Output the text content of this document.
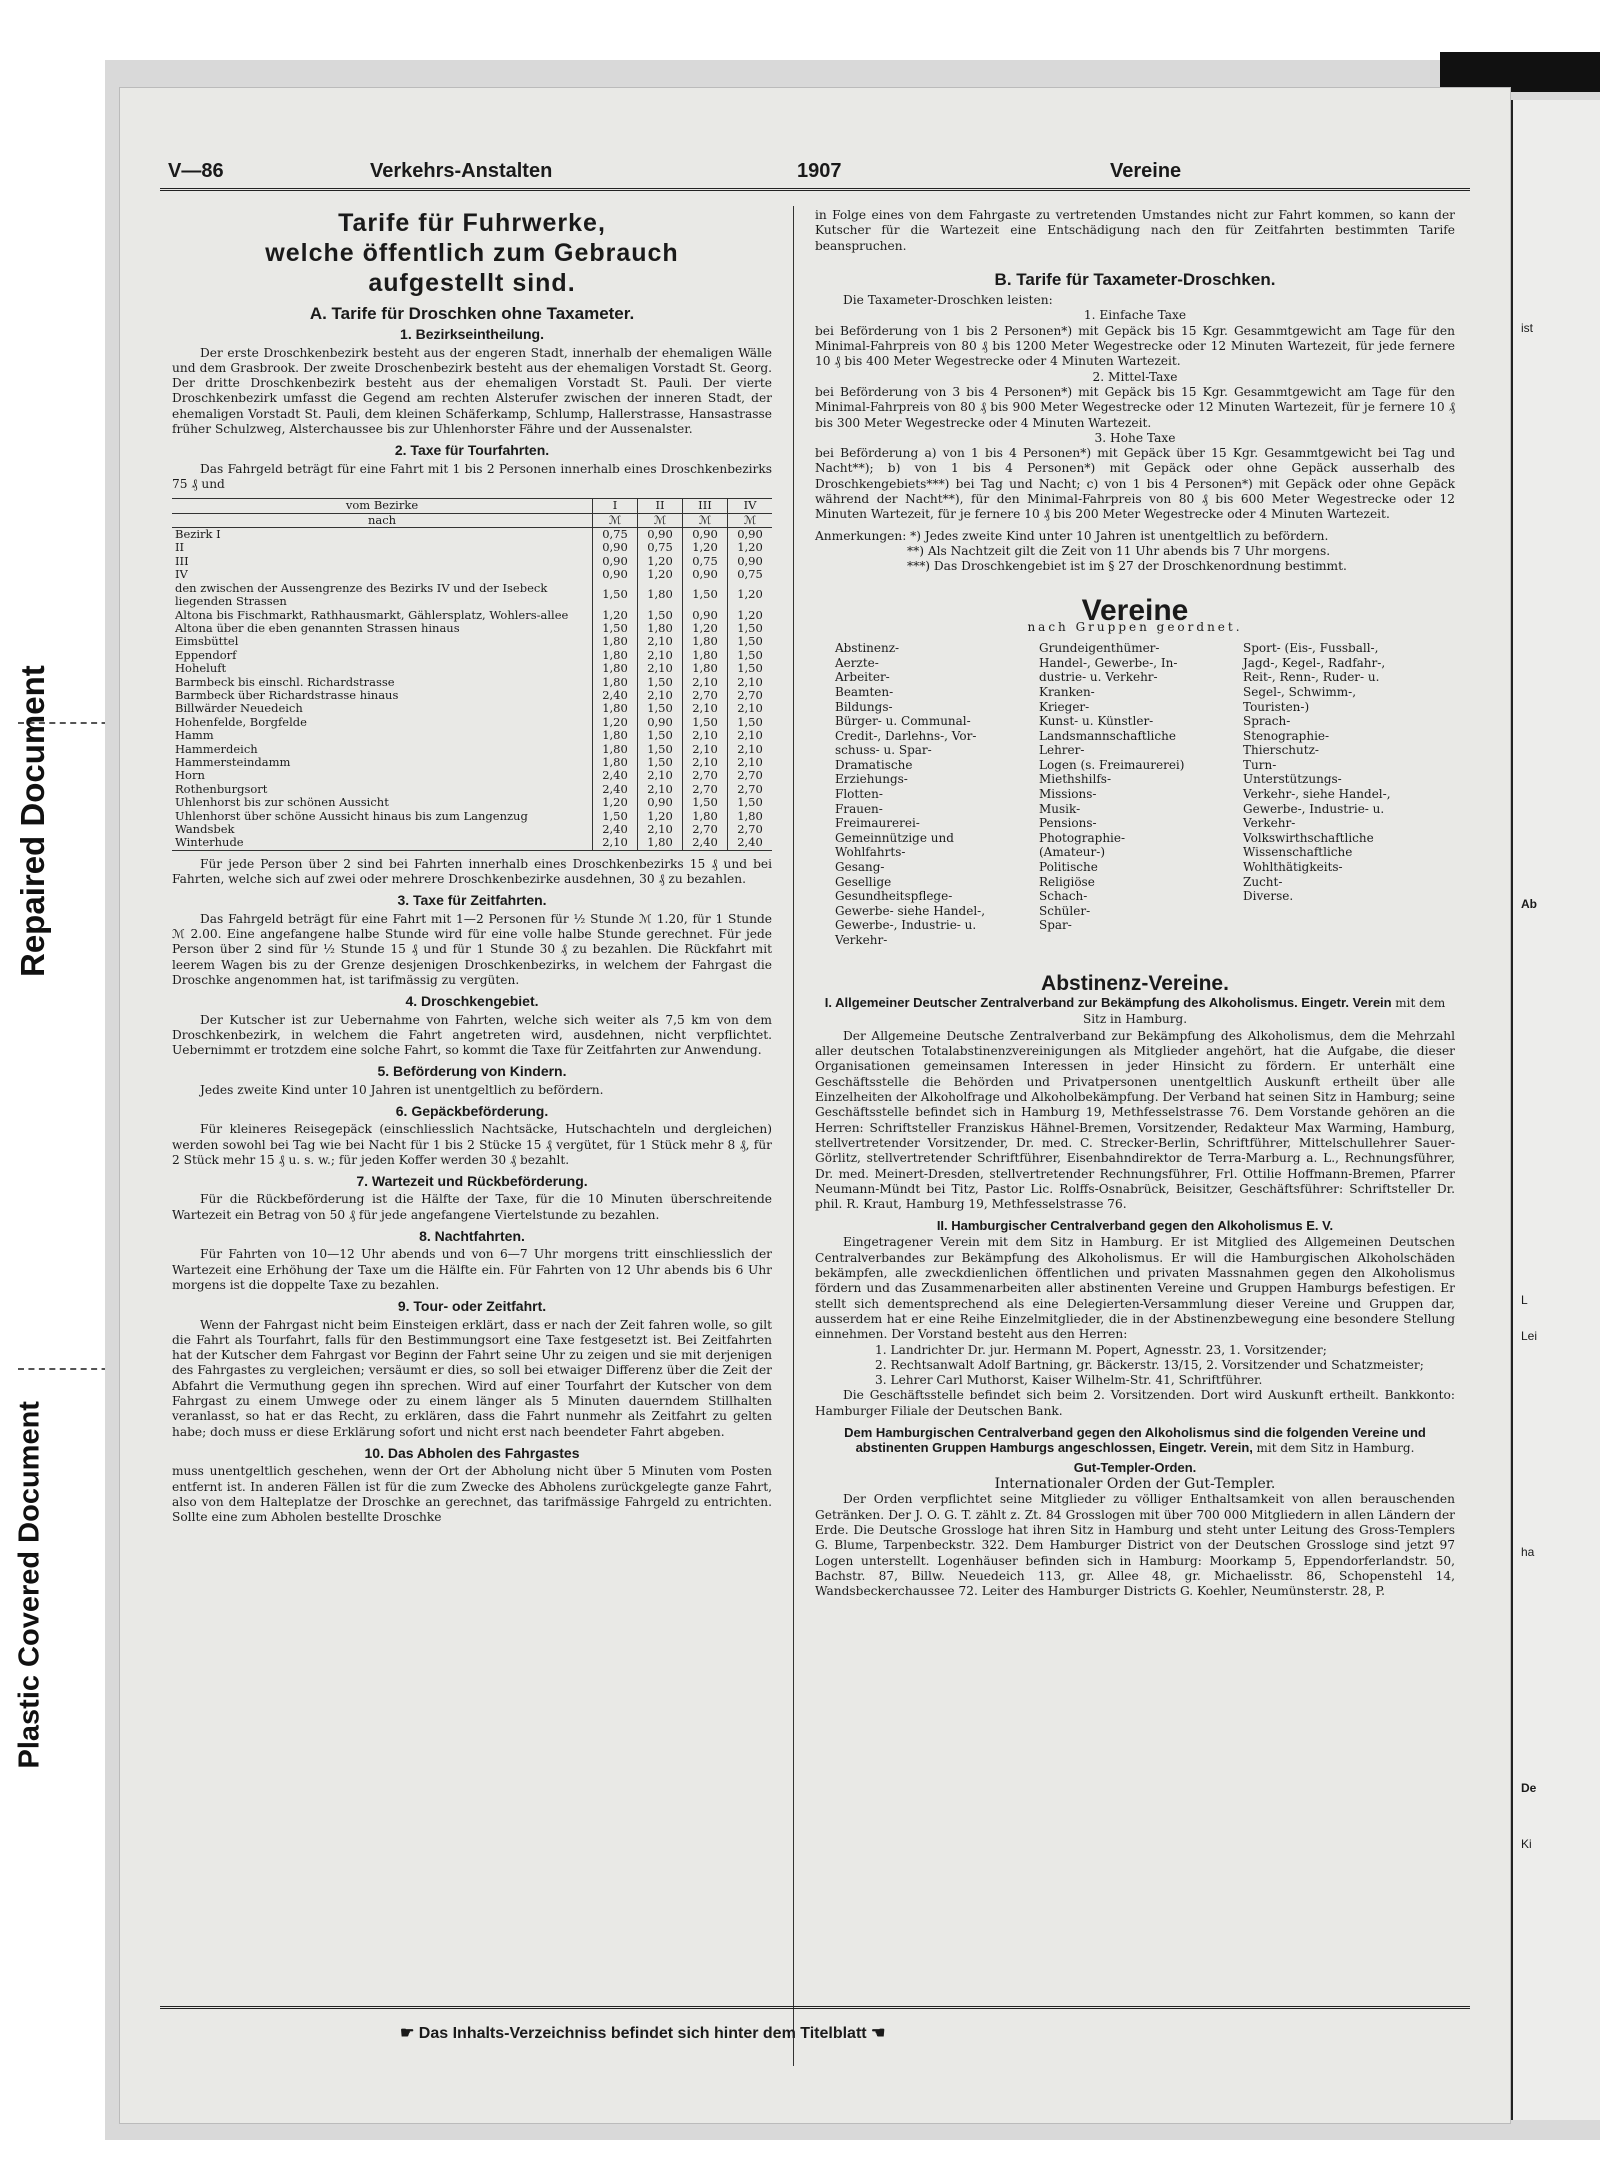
Repaired Document
Plastic Covered Document
ist
Ab
L
Lei
ha
De
Ki
V—86	Verkehrs-Anstalten	1907	Vereine
Tarife für Fuhrwerke,
welche öffentlich zum Gebrauch
aufgestellt sind.
A. Tarife für Droschken ohne Taxameter.
1. Bezirkseintheilung.

Der erste Droschkenbezirk besteht aus der engeren Stadt, innerhalb der ehemaligen Wälle und dem Grasbrook. Der zweite Droschenbezirk besteht aus der ehemaligen Vorstadt St. Georg. Der dritte Droschkenbezirk besteht aus der ehemaligen Vorstadt St. Pauli. Der vierte Droschkenbezirk umfasst die Gegend am rechten Alsterufer zwischen der inneren Stadt, der ehemaligen Vorstadt St. Pauli, dem kleinen Schäferkamp, Schlump, Hallerstrasse, Hansastrasse früher Schulzweg, Alsterchaussee bis zur Uhlenhorster Fähre und der Aussenalster.

2. Taxe für Tourfahrten.

Das Fahrgeld beträgt für eine Fahrt mit 1 bis 2 Personen innerhalb eines Droschkenbezirks 75 ₰ und

vom Bezirke	I	II	III	IV
nach	ℳ	ℳ	ℳ	ℳ
Bezirk I	0,75	0,90	0,90	0,90
II	0,90	0,75	1,20	1,20
III	0,90	1,20	0,75	0,90
IV	0,90	1,20	0,90	0,75
den zwischen der Aussengrenze des Bezirks IV und der Isebeck liegenden Strassen	1,50	1,80	1,50	1,20
Altona bis Fischmarkt, Rathhausmarkt, Gählersplatz, Wohlers-allee	1,20	1,50	0,90	1,20
Altona über die eben genannten Strassen hinaus	1,50	1,80	1,20	1,50
Eimsbüttel	1,80	2,10	1,80	1,50
Eppendorf	1,80	2,10	1,80	1,50
Hoheluft	1,80	2,10	1,80	1,50
Barmbeck bis einschl. Richardstrasse	1,80	1,50	2,10	2,10
Barmbeck über Richardstrasse hinaus	2,40	2,10	2,70	2,70
Billwärder Neuedeich	1,80	1,50	2,10	2,10
Hohenfelde, Borgfelde	1,20	0,90	1,50	1,50
Hamm	1,80	1,50	2,10	2,10
Hammerdeich	1,80	1,50	2,10	2,10
Hammersteindamm	1,80	1,50	2,10	2,10
Horn	2,40	2,10	2,70	2,70
Rothenburgsort	2,40	2,10	2,70	2,70
Uhlenhorst bis zur schönen Aussicht	1,20	0,90	1,50	1,50
Uhlenhorst über schöne Aussicht hinaus bis zum Langenzug	1,50	1,20	1,80	1,80
Wandsbek	2,40	2,10	2,70	2,70
Winterhude	2,10	1,80	2,40	2,40

Für jede Person über 2 sind bei Fahrten innerhalb eines Droschkenbezirks 15 ₰ und bei Fahrten, welche sich auf zwei oder mehrere Droschkenbezirke ausdehnen, 30 ₰ zu bezahlen.

3. Taxe für Zeitfahrten.

Das Fahrgeld beträgt für eine Fahrt mit 1—2 Personen für ½ Stunde ℳ 1.20, für 1 Stunde ℳ 2.00. Eine angefangene halbe Stunde wird für eine volle halbe Stunde gerechnet. Für jede Person über 2 sind für ½ Stunde 15 ₰ und für 1 Stunde 30 ₰ zu bezahlen. Die Rückfahrt mit leerem Wagen bis zu der Grenze desjenigen Droschkenbezirks, in welchem der Fahrgast die Droschke angenommen hat, ist tarifmässig zu vergüten.

4. Droschkengebiet.

Der Kutscher ist zur Uebernahme von Fahrten, welche sich weiter als 7,5 km von dem Droschkenbezirk, in welchem die Fahrt angetreten wird, ausdehnen, nicht verpflichtet. Uebernimmt er trotzdem eine solche Fahrt, so kommt die Taxe für Zeitfahrten zur Anwendung.

5. Beförderung von Kindern.

Jedes zweite Kind unter 10 Jahren ist unentgeltlich zu befördern.

6. Gepäckbeförderung.

Für kleineres Reisegepäck (einschliesslich Nachtsäcke, Hutschachteln und dergleichen) werden sowohl bei Tag wie bei Nacht für 1 bis 2 Stücke 15 ₰ vergütet, für 1 Stück mehr 8 ₰, für 2 Stück mehr 15 ₰ u. s. w.; für jeden Koffer werden 30 ₰ bezahlt.

7. Wartezeit und Rückbeförderung.

Für die Rückbeförderung ist die Hälfte der Taxe, für die 10 Minuten überschreitende Wartezeit ein Betrag von 50 ₰ für jede angefangene Viertelstunde zu bezahlen.

8. Nachtfahrten.

Für Fahrten von 10—12 Uhr abends und von 6—7 Uhr morgens tritt einschliesslich der Wartezeit eine Erhöhung der Taxe um die Hälfte ein. Für Fahrten von 12 Uhr abends bis 6 Uhr morgens ist die doppelte Taxe zu bezahlen.

9. Tour- oder Zeitfahrt.

Wenn der Fahrgast nicht beim Einsteigen erklärt, dass er nach der Zeit fahren wolle, so gilt die Fahrt als Tourfahrt, falls für den Bestimmungsort eine Taxe festgesetzt ist. Bei Zeitfahrten hat der Kutscher dem Fahrgast vor Beginn der Fahrt seine Uhr zu zeigen und sie mit derjenigen des Fahrgastes zu vergleichen; versäumt er dies, so soll bei etwaiger Differenz über die Zeit der Abfahrt die Vermuthung gegen ihn sprechen. Wird auf einer Tourfahrt der Kutscher von dem Fahrgast zu einem Umwege oder zu einem länger als 5 Minuten dauerndem Stillhalten veranlasst, so hat er das Recht, zu erklären, dass die Fahrt nunmehr als Zeitfahrt zu gelten habe; doch muss er diese Erklärung sofort und nicht erst nach beendeter Fahrt abgeben.

10. Das Abholen des Fahrgastes

muss unentgeltlich geschehen, wenn der Ort der Abholung nicht über 5 Minuten vom Posten entfernt ist. In anderen Fällen ist für die zum Zwecke des Abholens zurückgelegte ganze Fahrt, also von dem Halteplatze der Droschke an gerechnet, das tarifmässige Fahrgeld zu entrichten. Sollte eine zum Abholen bestellte Droschke

in Folge eines von dem Fahrgaste zu vertretenden Umstandes nicht zur Fahrt kommen, so kann der Kutscher für die Wartezeit eine Entschädigung nach den für Zeitfahrten bestimmten Tarife beanspruchen.

B. Tarife für Taxameter-Droschken.

Die Taxameter-Droschken leisten:

1. Einfache Taxe

bei Beförderung von 1 bis 2 Personen*) mit Gepäck bis 15 Kgr. Gesammtgewicht am Tage für den Minimal-Fahrpreis von 80 ₰ bis 1200 Meter Wegestrecke oder 12 Minuten Wartezeit, für jede fernere 10 ₰ bis 400 Meter Wegestrecke oder 4 Minuten Wartezeit.

2. Mittel-Taxe

bei Beförderung von 3 bis 4 Personen*) mit Gepäck bis 15 Kgr. Gesammtgewicht am Tage für den Minimal-Fahrpreis von 80 ₰ bis 900 Meter Wegestrecke oder 12 Minuten Wartezeit, für je fernere 10 ₰ bis 300 Meter Wegestrecke oder 4 Minuten Wartezeit.

3. Hohe Taxe

bei Beförderung a) von 1 bis 4 Personen*) mit Gepäck über 15 Kgr. Gesammtgewicht bei Tag und Nacht**); b) von 1 bis 4 Personen*) mit Gepäck oder ohne Gepäck ausserhalb des Droschkengebiets***) bei Tag und Nacht; c) von 1 bis 4 Personen*) mit Gepäck oder ohne Gepäck während der Nacht**), für den Minimal-Fahrpreis von 80 ₰ bis 600 Meter Wegestrecke oder 12 Minuten Wartezeit, für je fernere 10 ₰ bis 200 Meter Wegestrecke oder 4 Minuten Wartezeit.

Anmerkungen: *) Jedes zweite Kind unter 10 Jahren ist unentgeltlich zu befördern.

**) Als Nachtzeit gilt die Zeit von 11 Uhr abends bis 7 Uhr morgens.

***) Das Droschkengebiet ist im § 27 der Droschkenordnung bestimmt.

Vereine
nach Gruppen geordnet.
Abstinenz-
Aerzte-
Arbeiter-
Beamten-
Bildungs-
Bürger- u. Communal-
Credit-, Darlehns-, Vor-
schuss- u. Spar-
Dramatische
Erziehungs-
Flotten-
Frauen-
Freimaurerei-
Gemeinnützige und
Wohlfahrts-
Gesang-
Gesellige
Gesundheitspflege-
Gewerbe- siehe Handel-,
Gewerbe-, Industrie- u.
Verkehr-
Grundeigenthümer-
Handel-, Gewerbe-, In-
dustrie- u. Verkehr-
Kranken-
Krieger-
Kunst- u. Künstler-
Landsmannschaftliche
Lehrer-
Logen (s. Freimaurerei)
Miethshilfs-
Missions-
Musik-
Pensions-
Photographie-
(Amateur-)
Politische
Religiöse
Schach-
Schüler-
Spar-
Sport- (Eis-, Fussball-,
Jagd-, Kegel-, Radfahr-,
Reit-, Renn-, Ruder- u.
Segel-, Schwimm-,
Touristen-)
Sprach-
Stenographie-
Thierschutz-
Turn-
Unterstützungs-
Verkehr-, siehe Handel-,
Gewerbe-, Industrie- u.
Verkehr-
Volkswirthschaftliche
Wissenschaftliche
Wohlthätigkeits-
Zucht-
Diverse.
Abstinenz-Vereine.
I. Allgemeiner Deutscher Zentralverband zur Bekämpfung des Alkoholismus. Eingetr. Verein mit dem Sitz in Hamburg.

Der Allgemeine Deutsche Zentralverband zur Bekämpfung des Alkoholismus, dem die Mehrzahl aller deutschen Totalabstinenzvereinigungen als Mitglieder angehört, hat die Aufgabe, die dieser Organisationen gemeinsamen Interessen in jeder Hinsicht zu fördern. Er unterhält eine Geschäftsstelle die Behörden und Privatpersonen unentgeltlich Auskunft ertheilt über alle Einzelheiten der Alkoholfrage und Alkoholbekämpfung. Der Verband hat seinen Sitz in Hamburg; seine Geschäftsstelle befindet sich in Hamburg 19, Methfesselstrasse 76. Dem Vorstande gehören an die Herren: Schriftsteller Franziskus Hähnel-Bremen, Vorsitzender, Redakteur Max Warming, Hamburg, stellvertretender Vorsitzender, Dr. med. C. Strecker-Berlin, Schriftführer, Mittelschullehrer Sauer-Görlitz, stellvertretender Schriftführer, Eisenbahndirektor de Terra-Marburg a. L., Rechnungsführer, Dr. med. Meinert-Dresden, stellvertretender Rechnungsführer, Frl. Ottilie Hoffmann-Bremen, Pfarrer Neumann-Mündt bei Titz, Pastor Lic. Rolffs-Osnabrück, Beisitzer, Geschäftsführer: Schriftsteller Dr. phil. R. Kraut, Hamburg 19, Methfesselstrasse 76.

II. Hamburgischer Centralverband gegen den Alkoholismus E. V.

Eingetragener Verein mit dem Sitz in Hamburg. Er ist Mitglied des Allgemeinen Deutschen Centralverbandes zur Bekämpfung des Alkoholismus. Er will die Hamburgischen Alkoholschäden bekämpfen, alle zweckdienlichen öffentlichen und privaten Massnahmen gegen den Alkoholismus fördern und das Zusammenarbeiten aller abstinenten Vereine und Gruppen Hamburgs befestigen. Er stellt sich dementsprechend als eine Delegierten-Versammlung dieser Vereine und Gruppen dar, ausserdem hat er eine Reihe Einzelmitglieder, die in der Abstinenzbewegung eine besondere Stellung einnehmen. Der Vorstand besteht aus den Herren:

1. Landrichter Dr. jur. Hermann M. Popert, Agnesstr. 23, 1. Vorsitzender;

2. Rechtsanwalt Adolf Bartning, gr. Bäckerstr. 13/15, 2. Vorsitzender und Schatzmeister;

3. Lehrer Carl Muthorst, Kaiser Wilhelm-Str. 41, Schriftführer.

Die Geschäftsstelle befindet sich beim 2. Vorsitzenden. Dort wird Auskunft ertheilt. Bankkonto: Hamburger Filiale der Deutschen Bank.

Dem Hamburgischen Centralverband gegen den Alkoholismus sind die folgenden Vereine und abstinenten Gruppen Hamburgs angeschlossen, Eingetr. Verein, mit dem Sitz in Hamburg.
Gut-Templer-Orden.

Internationaler Orden der Gut-Templer.

Der Orden verpflichtet seine Mitglieder zu völliger Enthaltsamkeit von allen berauschenden Getränken. Der J. O. G. T. zählt z. Zt. 84 Grosslogen mit über 700 000 Mitgliedern in allen Ländern der Erde. Die Deutsche Grossloge hat ihren Sitz in Hamburg und steht unter Leitung des Gross-Templers G. Blume, Tarpenbeckstr. 322. Dem Hamburger District von der Deutschen Grossloge sind jetzt 97 Logen unterstellt. Logenhäuser befinden sich in Hamburg: Moorkamp 5, Eppendorferlandstr. 50, Bachstr. 87, Billw. Neuedeich 113, gr. Allee 48, gr. Michaelisstr. 86, Schopenstehl 14, Wandsbeckerchaussee 72. Leiter des Hamburger Districts G. Koehler, Neumünsterstr. 28, P.

☛ Das Inhalts-Verzeichniss befindet sich hinter dem Titelblatt ☚
